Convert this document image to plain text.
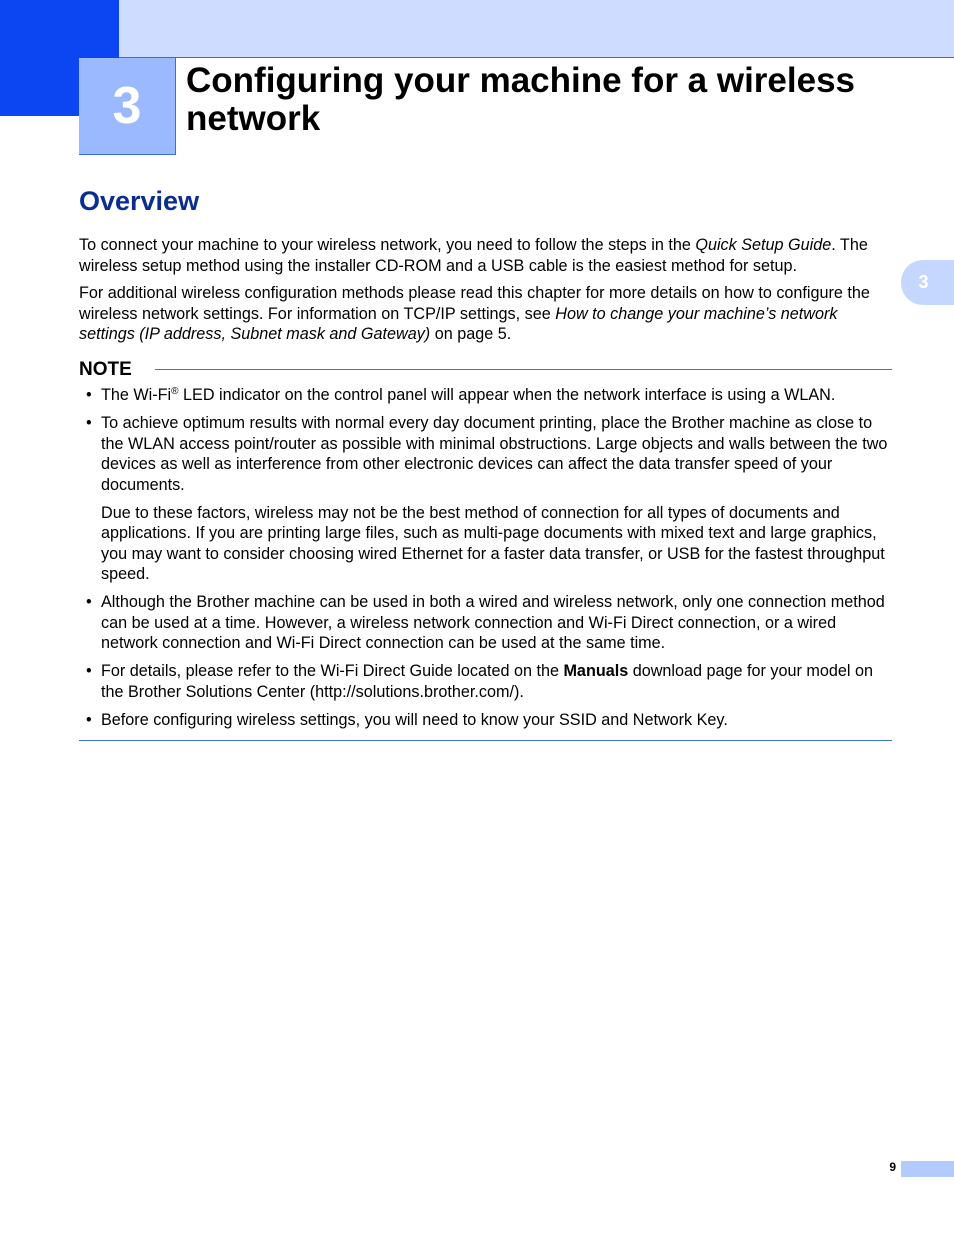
3 Configuring your machine for a wireless network
3
Overview

To connect your machine to your wireless network, you need to follow the steps in the Quick Setup Guide. The wireless setup method using the installer CD-ROM and a USB cable is the easiest method for setup.

For additional wireless configuration methods please read this chapter for more details on how to configure the wireless network settings. For information on TCP/IP settings, see How to change your machine’s network settings (IP address, Subnet mask and Gateway) on page 5.

NOTE
• The Wi-Fi® LED indicator on the control panel will appear when the network interface is using a WLAN.

• To achieve optimum results with normal every day document printing, place the Brother machine as close to the WLAN access point/router as possible with minimal obstructions. Large objects and walls between the two devices as well as interference from other electronic devices can affect the data transfer speed of your documents.

Due to these factors, wireless may not be the best method of connection for all types of documents and applications. If you are printing large files, such as multi-page documents with mixed text and large graphics, you may want to consider choosing wired Ethernet for a faster data transfer, or USB for the fastest throughput speed.

• Although the Brother machine can be used in both a wired and wireless network, only one connection method can be used at a time. However, a wireless network connection and Wi-Fi Direct connection, or a wired network connection and Wi-Fi Direct connection can be used at the same time.

• For details, please refer to the Wi-Fi Direct Guide located on the Manuals download page for your model on the Brother Solutions Center (http://solutions.brother.com/).

• Before configuring wireless settings, you will need to know your SSID and Network Key.

9
